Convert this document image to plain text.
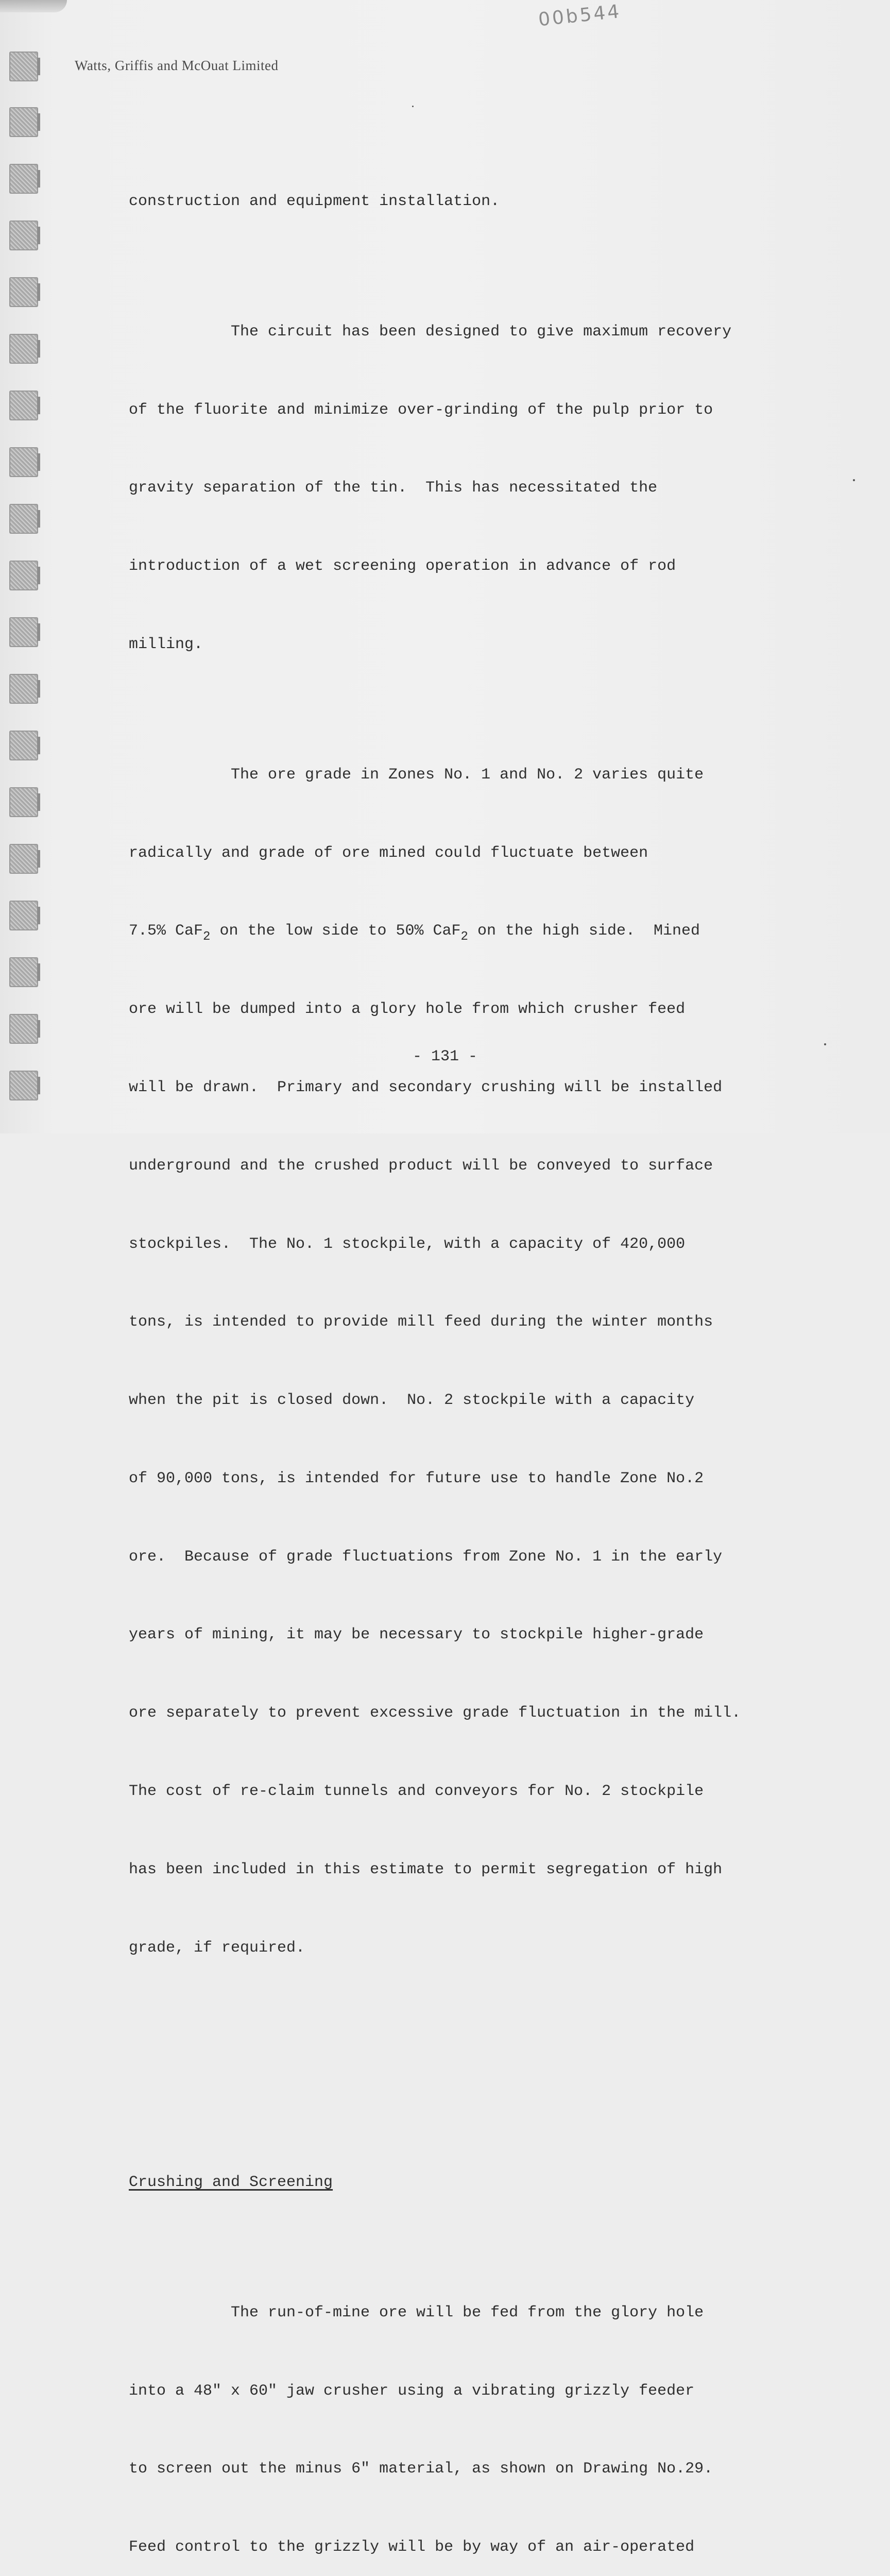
00b544
Watts, Griffis and McOuat Limited

construction and equipment installation.

The circuit has been designed to give maximum recovery

of the fluorite and minimize over-grinding of the pulp prior to

gravity separation of the tin.  This has necessitated the

introduction of a wet screening operation in advance of rod

milling.

The ore grade in Zones No. 1 and No. 2 varies quite

radically and grade of ore mined could fluctuate between

7.5% CaF$_2$ on the low side to 50% CaF$_2$ on the high side.  Mined

ore will be dumped into a glory hole from which crusher feed

will be drawn.  Primary and secondary crushing will be installed

underground and the crushed product will be conveyed to surface

stockpiles.  The No. 1 stockpile, with a capacity of 420,000

tons, is intended to provide mill feed during the winter months

when the pit is closed down.  No. 2 stockpile with a capacity

of 90,000 tons, is intended for future use to handle Zone No.2

ore.  Because of grade fluctuations from Zone No. 1 in the early

years of mining, it may be necessary to stockpile higher-grade

ore separately to prevent excessive grade fluctuation in the mill.

The cost of re-claim tunnels and conveyors for No. 2 stockpile

has been included in this estimate to permit segregation of high

grade, if required.

Crushing and Screening

The run-of-mine ore will be fed from the glory hole

into a 48" x 60" jaw crusher using a vibrating grizzly feeder

to screen out the minus 6" material, as shown on Drawing No.29.

Feed control to the grizzly will be by way of an air-operated

- 131 -
